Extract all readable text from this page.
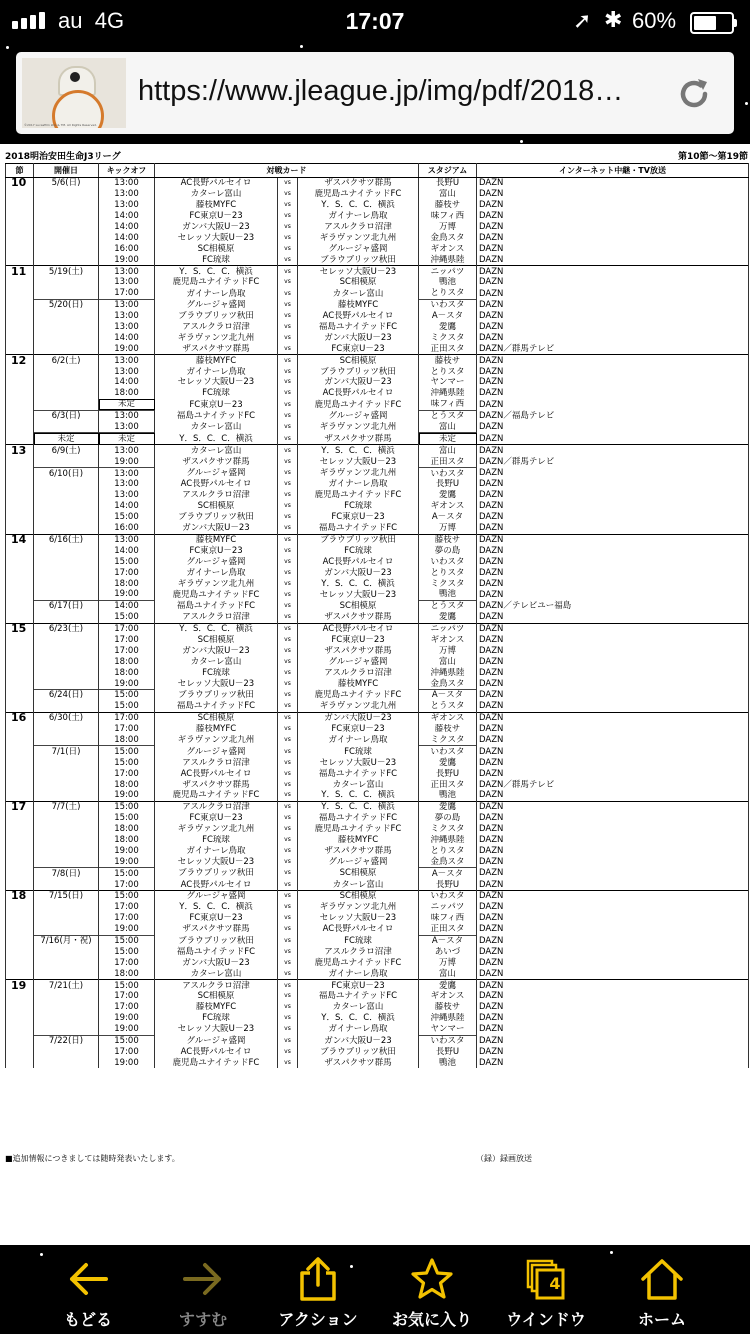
au 4G	17:07	➚ ✱ 60%
©2017 Lucasfilm Ltd. & TM. All Rights Reserved.
https://www.jleague.jp/img/pdf/2018…
2018明治安田生命J3リーグ	第10節〜第19節
節	開催日	キックオフ	対戦カード			スタジアム	インターネット中継・TV放送
10	5/6(日)	13:00	AC長野パルセイロ	vs	ザスパクサツ群馬	長野U	DAZN
		13:00	カターレ富山	vs	鹿児島ユナイテッドFC	富山	DAZN
		13:00	藤枝MYFC	vs	Y．S．C．C．横浜	藤枝サ	DAZN
		14:00	FC東京U－23	vs	ガイナーレ鳥取	味フィ西	DAZN
		14:00	ガンバ大阪U－23	vs	アスルクラロ沼津	万博	DAZN
		14:00	セレッソ大阪U－23	vs	ギラヴァンツ北九州	金鳥スタ	DAZN
		16:00	SC相模原	vs	グルージャ盛岡	ギオンス	DAZN
		19:00	FC琉球	vs	ブラウブリッツ秋田	沖縄県陸	DAZN
11	5/19(土)	13:00	Y．S．C．C．横浜	vs	セレッソ大阪U－23	ニッパツ	DAZN
		13:00	鹿児島ユナイテッドFC	vs	SC相模原	鴨池	DAZN
		17:00	ガイナーレ鳥取	vs	カターレ富山	とりスタ	DAZN
	5/20(日)	13:00	グルージャ盛岡	vs	藤枝MYFC	いわスタ	DAZN
		13:00	ブラウブリッツ秋田	vs	AC長野パルセイロ	A－スタ	DAZN
		13:00	アスルクラロ沼津	vs	福島ユナイテッドFC	愛鷹	DAZN
		14:00	ギラヴァンツ北九州	vs	ガンバ大阪U－23	ミクスタ	DAZN
		19:00	ザスパクサツ群馬	vs	FC東京U－23	正田スタ	DAZN／群馬テレビ
12	6/2(土)	13:00	藤枝MYFC	vs	SC相模原	藤枝サ	DAZN
		13:00	ガイナーレ鳥取	vs	ブラウブリッツ秋田	とりスタ	DAZN
		14:00	セレッソ大阪U－23	vs	ガンバ大阪U－23	ヤンマー	DAZN
		18:00	FC琉球	vs	AC長野パルセイロ	沖縄県陸	DAZN
		未定	FC東京U－23	vs	鹿児島ユナイテッドFC	味フィ西	DAZN
	6/3(日)	13:00	福島ユナイテッドFC	vs	グルージャ盛岡	とうスタ	DAZN／福島テレビ
		13:00	カターレ富山	vs	ギラヴァンツ北九州	富山	DAZN
	未定	未定	Y．S．C．C．横浜	vs	ザスパクサツ群馬	未定	DAZN
13	6/9(土)	13:00	カターレ富山	vs	Y．S．C．C．横浜	富山	DAZN
		19:00	ザスパクサツ群馬	vs	セレッソ大阪U－23	正田スタ	DAZN／群馬テレビ
	6/10(日)	13:00	グルージャ盛岡	vs	ギラヴァンツ北九州	いわスタ	DAZN
		13:00	AC長野パルセイロ	vs	ガイナーレ鳥取	長野U	DAZN
		13:00	アスルクラロ沼津	vs	鹿児島ユナイテッドFC	愛鷹	DAZN
		14:00	SC相模原	vs	FC琉球	ギオンス	DAZN
		15:00	ブラウブリッツ秋田	vs	FC東京U－23	A－スタ	DAZN
		16:00	ガンバ大阪U－23	vs	福島ユナイテッドFC	万博	DAZN
14	6/16(土)	13:00	藤枝MYFC	vs	ブラウブリッツ秋田	藤枝サ	DAZN
		14:00	FC東京U－23	vs	FC琉球	夢の島	DAZN
		15:00	グルージャ盛岡	vs	AC長野パルセイロ	いわスタ	DAZN
		17:00	ガイナーレ鳥取	vs	ガンバ大阪U－23	とりスタ	DAZN
		18:00	ギラヴァンツ北九州	vs	Y．S．C．C．横浜	ミクスタ	DAZN
		19:00	鹿児島ユナイテッドFC	vs	セレッソ大阪U－23	鴨池	DAZN
	6/17(日)	14:00	福島ユナイテッドFC	vs	SC相模原	とうスタ	DAZN／テレビユー福島
		15:00	アスルクラロ沼津	vs	ザスパクサツ群馬	愛鷹	DAZN
15	6/23(土)	17:00	Y．S．C．C．横浜	vs	AC長野パルセイロ	ニッパツ	DAZN
		17:00	SC相模原	vs	FC東京U－23	ギオンス	DAZN
		17:00	ガンバ大阪U－23	vs	ザスパクサツ群馬	万博	DAZN
		18:00	カターレ富山	vs	グルージャ盛岡	富山	DAZN
		18:00	FC琉球	vs	アスルクラロ沼津	沖縄県陸	DAZN
		19:00	セレッソ大阪U－23	vs	藤枝MYFC	金鳥スタ	DAZN
	6/24(日)	15:00	ブラウブリッツ秋田	vs	鹿児島ユナイテッドFC	A－スタ	DAZN
		15:00	福島ユナイテッドFC	vs	ギラヴァンツ北九州	とうスタ	DAZN
16	6/30(土)	17:00	SC相模原	vs	ガンバ大阪U－23	ギオンス	DAZN
		17:00	藤枝MYFC	vs	FC東京U－23	藤枝サ	DAZN
		18:00	ギラヴァンツ北九州	vs	ガイナーレ鳥取	ミクスタ	DAZN
	7/1(日)	15:00	グルージャ盛岡	vs	FC琉球	いわスタ	DAZN
		15:00	アスルクラロ沼津	vs	セレッソ大阪U－23	愛鷹	DAZN
		17:00	AC長野パルセイロ	vs	福島ユナイテッドFC	長野U	DAZN
		18:00	ザスパクサツ群馬	vs	カターレ富山	正田スタ	DAZN／群馬テレビ
		19:00	鹿児島ユナイテッドFC	vs	Y．S．C．C．横浜	鴨池	DAZN
17	7/7(土)	15:00	アスルクラロ沼津	vs	Y．S．C．C．横浜	愛鷹	DAZN
		15:00	FC東京U－23	vs	福島ユナイテッドFC	夢の島	DAZN
		18:00	ギラヴァンツ北九州	vs	鹿児島ユナイテッドFC	ミクスタ	DAZN
		18:00	FC琉球	vs	藤枝MYFC	沖縄県陸	DAZN
		19:00	ガイナーレ鳥取	vs	ザスパクサツ群馬	とりスタ	DAZN
		19:00	セレッソ大阪U－23	vs	グルージャ盛岡	金鳥スタ	DAZN
	7/8(日)	15:00	ブラウブリッツ秋田	vs	SC相模原	A－スタ	DAZN
		17:00	AC長野パルセイロ	vs	カターレ富山	長野U	DAZN
18	7/15(日)	15:00	グルージャ盛岡	vs	SC相模原	いわスタ	DAZN
		17:00	Y．S．C．C．横浜	vs	ギラヴァンツ北九州	ニッパツ	DAZN
		17:00	FC東京U－23	vs	セレッソ大阪U－23	味フィ西	DAZN
		19:00	ザスパクサツ群馬	vs	AC長野パルセイロ	正田スタ	DAZN
	7/16(月・祝)	15:00	ブラウブリッツ秋田	vs	FC琉球	A－スタ	DAZN
		15:00	福島ユナイテッドFC	vs	アスルクラロ沼津	あいづ	DAZN
		17:00	ガンバ大阪U－23	vs	鹿児島ユナイテッドFC	万博	DAZN
		18:00	カターレ富山	vs	ガイナーレ鳥取	富山	DAZN
19	7/21(土)	15:00	アスルクラロ沼津	vs	FC東京U－23	愛鷹	DAZN
		17:00	SC相模原	vs	福島ユナイテッドFC	ギオンス	DAZN
		17:00	藤枝MYFC	vs	カターレ富山	藤枝サ	DAZN
		19:00	FC琉球	vs	Y．S．C．C．横浜	沖縄県陸	DAZN
		19:00	セレッソ大阪U－23	vs	ガイナーレ鳥取	ヤンマー	DAZN
	7/22(日)	15:00	グルージャ盛岡	vs	ガンバ大阪U－23	いわスタ	DAZN
		17:00	AC長野パルセイロ	vs	ブラウブリッツ秋田	長野U	DAZN
		19:00	鹿児島ユナイテッドFC	vs	ザスパクサツ群馬	鴨池	DAZN
■追加情報につきましては随時発表いたします。	（録）録画放送
もどる	すすむ	アクション	お気に入り
4
ウインドウ	ホーム
